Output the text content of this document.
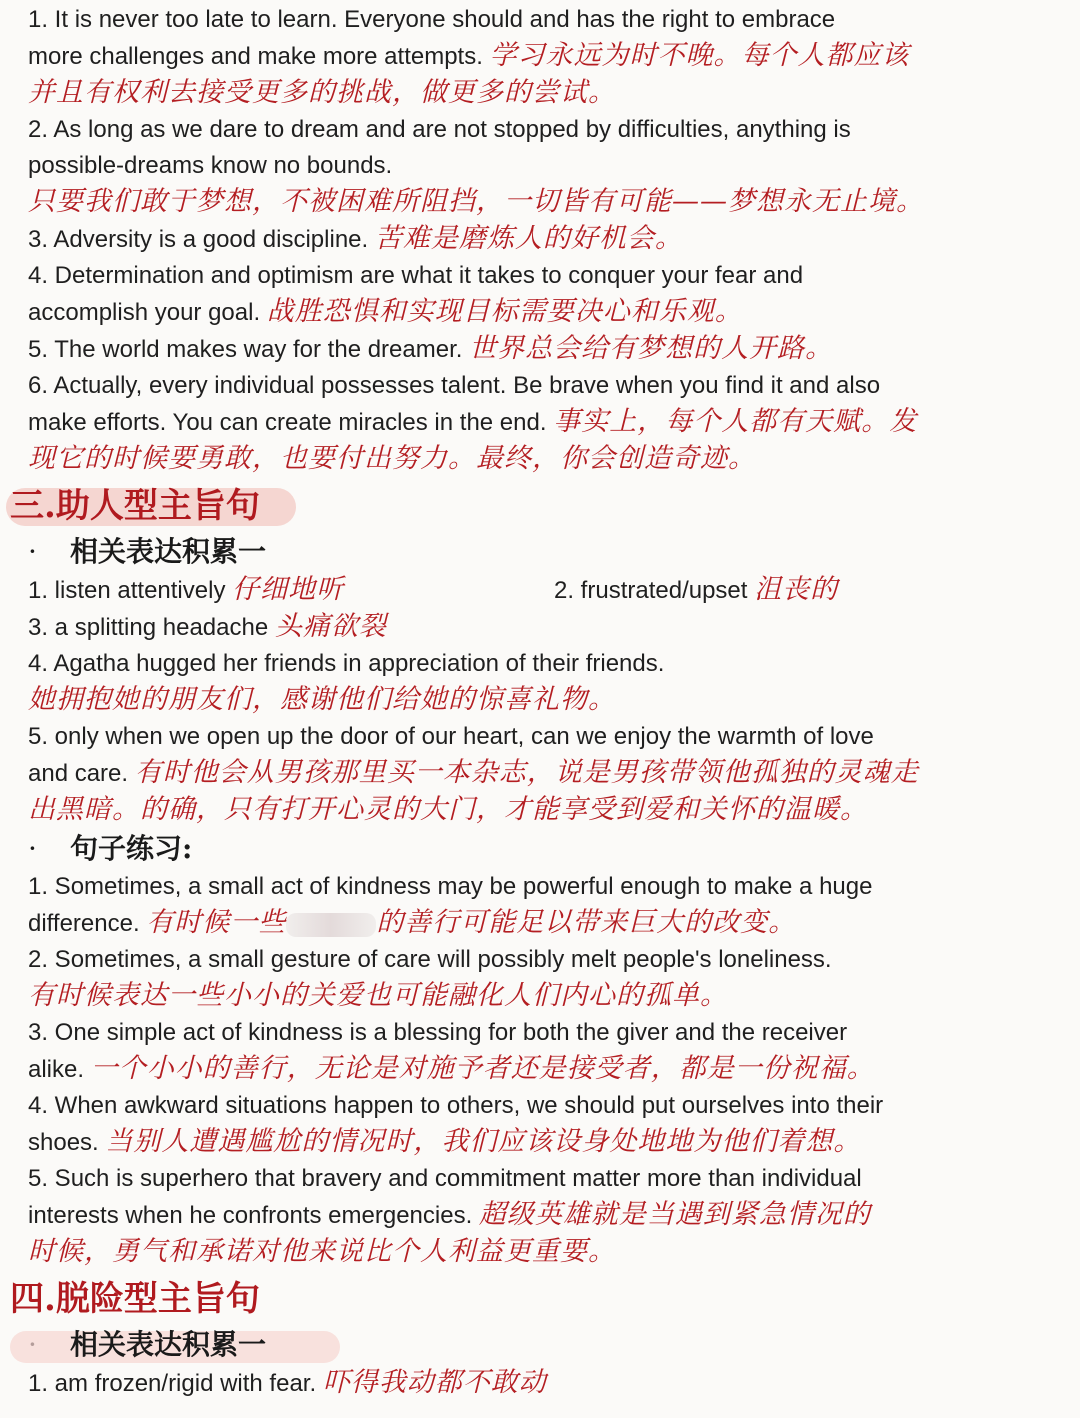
1. It is never too late to learn. Everyone should and has the right to embrace
more challenges and make more attempts. 学习永远为时不晚。每个人都应该
并且有权利去接受更多的挑战，做更多的尝试。
2. As long as we dare to dream and are not stopped by difficulties, anything is
possible-dreams know no bounds.
只要我们敢于梦想，不被困难所阻挡，一切皆有可能——梦想永无止境。
3. Adversity is a good discipline. 苦难是磨炼人的好机会。
4. Determination and optimism are what it takes to conquer your fear and
accomplish your goal. 战胜恐惧和实现目标需要决心和乐观。
5. The world makes way for the dreamer. 世界总会给有梦想的人开路。
6. Actually, every individual possesses talent. Be brave when you find it and also
make efforts. You can create miracles in the end. 事实上，每个人都有天赋。发
现它的时候要勇敢，也要付出努力。最终，你会创造奇迹。
三.助人型主旨句
· 相关表达积累一
1. listen attentively 仔细地听	2. frustrated/upset 沮丧的
3. a splitting headache 头痛欲裂
4. Agatha hugged her friends in appreciation of their friends.
她拥抱她的朋友们，感谢他们给她的惊喜礼物。
5. only when we open up the door of our heart, can we enjoy the warmth of love
and care. 有时他会从男孩那里买一本杂志，说是男孩带领他孤独的灵魂走
出黑暗。的确，只有打开心灵的大门，才能享受到爱和关怀的温暖。
· 句子练习:
1. Sometimes, a small act of kindness may be powerful enough to make a huge
difference. 有时候一些	的善行可能足以带来巨大的改变。
2. Sometimes, a small gesture of care will possibly melt people's loneliness.
有时候表达一些小小的关爱也可能融化人们内心的孤单。
3. One simple act of kindness is a blessing for both the giver and the receiver
alike. 一个小小的善行，无论是对施予者还是接受者，都是一份祝福。
4. When awkward situations happen to others, we should put ourselves into their
shoes. 当别人遭遇尴尬的情况时，我们应该设身处地地为他们着想。
5. Such is superhero that bravery and commitment matter more than individual
interests when he confronts emergencies. 超级英雄就是当遇到紧急情况的
时候，勇气和承诺对他来说比个人利益更重要。
四.脱险型主旨句
相关表达积累一
1. am frozen/rigid with fear. 吓得我动都不敢动
